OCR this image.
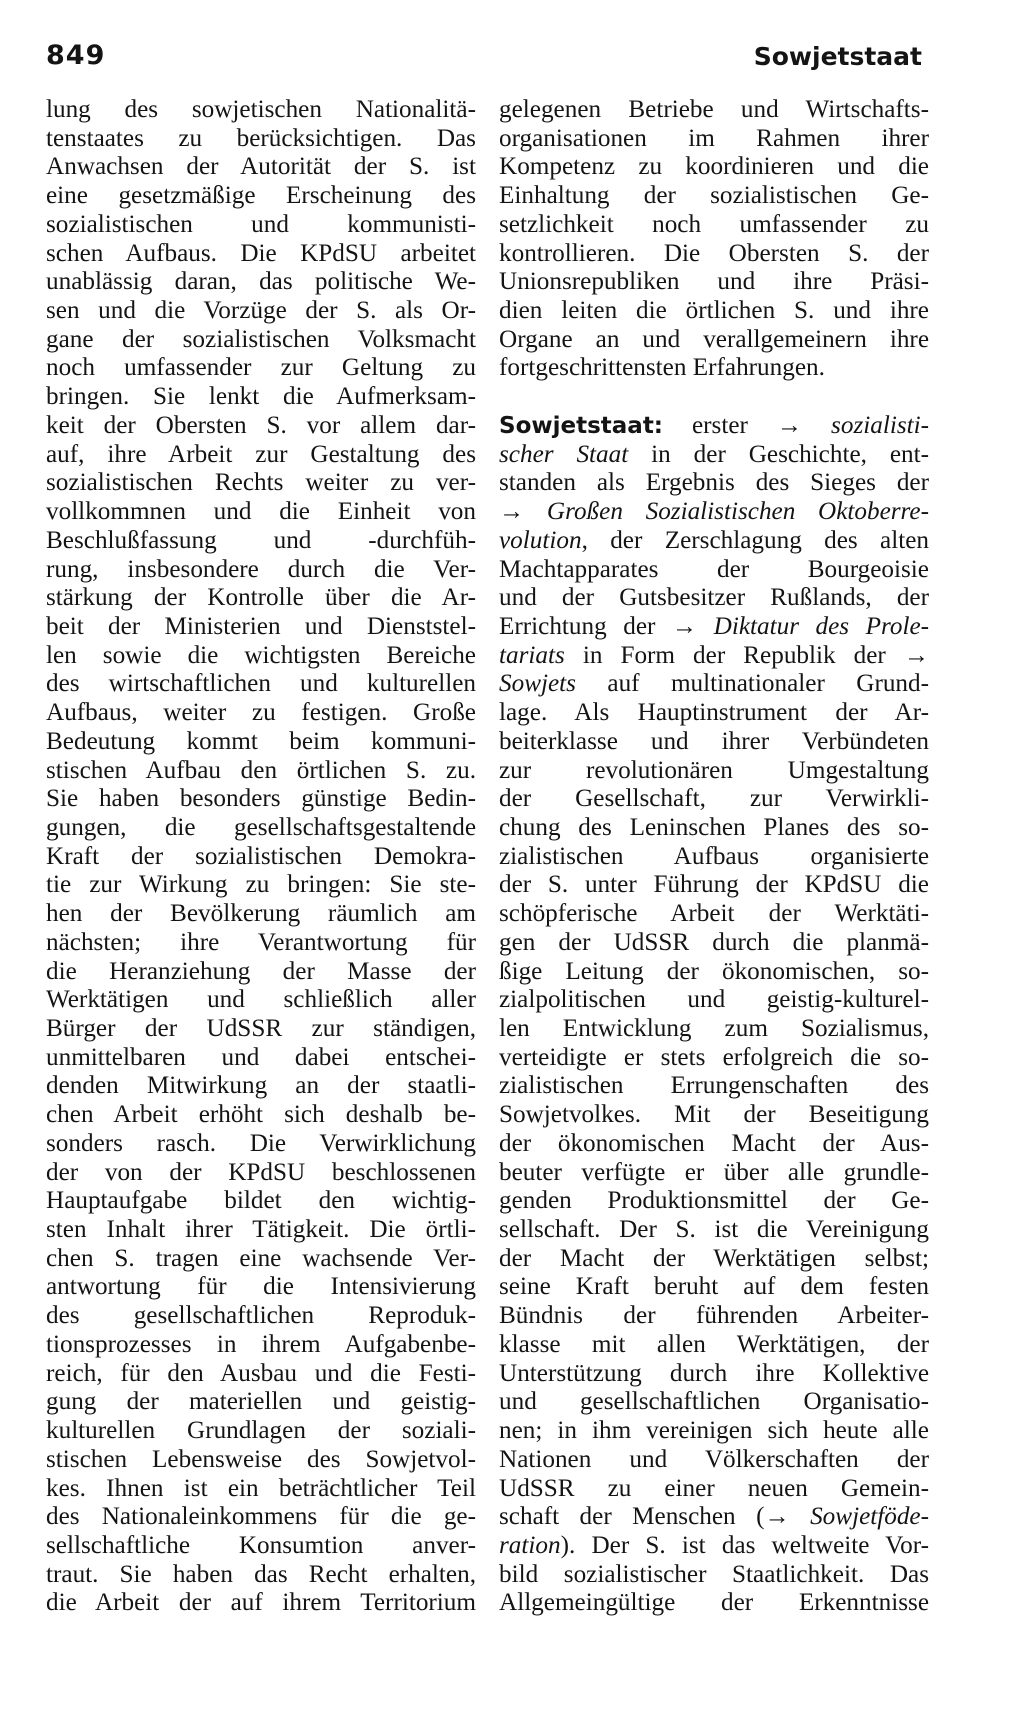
849	Sowjetstaat
lung des sowjetischen Nationalitä-
tenstaates zu berücksichtigen. Das
Anwachsen der Autorität der S. ist
eine gesetzmäßige Erscheinung des
sozialistischen und kommunisti-
schen Aufbaus. Die KPdSU arbeitet
unablässig daran, das politische We-
sen und die Vorzüge der S. als Or-
gane der sozialistischen Volksmacht
noch umfassender zur Geltung zu
bringen. Sie lenkt die Aufmerksam-
keit der Obersten S. vor allem dar-
auf, ihre Arbeit zur Gestaltung des
sozialistischen Rechts weiter zu ver-
vollkommnen und die Einheit von
Beschlußfassung und -durchfüh-
rung, insbesondere durch die Ver-
stärkung der Kontrolle über die Ar-
beit der Ministerien und Dienststel-
len sowie die wichtigsten Bereiche
des wirtschaftlichen und kulturellen
Aufbaus, weiter zu festigen. Große
Bedeutung kommt beim kommuni-
stischen Aufbau den örtlichen S. zu.
Sie haben besonders günstige Bedin-
gungen, die gesellschaftsgestaltende
Kraft der sozialistischen Demokra-
tie zur Wirkung zu bringen: Sie ste-
hen der Bevölkerung räumlich am
nächsten; ihre Verantwortung für
die Heranziehung der Masse der
Werktätigen und schließlich aller
Bürger der UdSSR zur ständigen,
unmittelbaren und dabei entschei-
denden Mitwirkung an der staatli-
chen Arbeit erhöht sich deshalb be-
sonders rasch. Die Verwirklichung
der von der KPdSU beschlossenen
Hauptaufgabe bildet den wichtig-
sten Inhalt ihrer Tätigkeit. Die örtli-
chen S. tragen eine wachsende Ver-
antwortung für die Intensivierung
des gesellschaftlichen Reproduk-
tionsprozesses in ihrem Aufgabenbe-
reich, für den Ausbau und die Festi-
gung der materiellen und geistig-
kulturellen Grundlagen der soziali-
stischen Lebensweise des Sowjetvol-
kes. Ihnen ist ein beträchtlicher Teil
des Nationaleinkommens für die ge-
sellschaftliche Konsumtion anver-
traut. Sie haben das Recht erhalten,
die Arbeit der auf ihrem Territorium
gelegenen Betriebe und Wirtschafts-
organisationen im Rahmen ihrer
Kompetenz zu koordinieren und die
Einhaltung der sozialistischen Ge-
setzlichkeit noch umfassender zu
kontrollieren. Die Obersten S. der
Unionsrepubliken und ihre Präsi-
dien leiten die örtlichen S. und ihre
Organe an und verallgemeinern ihre
fortgeschrittensten Erfahrungen.
Sowjetstaat: erster → sozialisti-
scher Staat in der Geschichte, ent-
standen als Ergebnis des Sieges der
→ Großen Sozialistischen Oktoberre-
volution, der Zerschlagung des alten
Machtapparates der Bourgeoisie
und der Gutsbesitzer Rußlands, der
Errichtung der → Diktatur des Prole-
tariats in Form der Republik der →
Sowjets auf multinationaler Grund-
lage. Als Hauptinstrument der Ar-
beiterklasse und ihrer Verbündeten
zur revolutionären Umgestaltung
der Gesellschaft, zur Verwirkli-
chung des Leninschen Planes des so-
zialistischen Aufbaus organisierte
der S. unter Führung der KPdSU die
schöpferische Arbeit der Werktäti-
gen der UdSSR durch die planmä-
ßige Leitung der ökonomischen, so-
zialpolitischen und geistig-kulturel-
len Entwicklung zum Sozialismus,
verteidigte er stets erfolgreich die so-
zialistischen Errungenschaften des
Sowjetvolkes. Mit der Beseitigung
der ökonomischen Macht der Aus-
beuter verfügte er über alle grundle-
genden Produktionsmittel der Ge-
sellschaft. Der S. ist die Vereinigung
der Macht der Werktätigen selbst;
seine Kraft beruht auf dem festen
Bündnis der führenden Arbeiter-
klasse mit allen Werktätigen, der
Unterstützung durch ihre Kollektive
und gesellschaftlichen Organisatio-
nen; in ihm vereinigen sich heute alle
Nationen und Völkerschaften der
UdSSR zu einer neuen Gemein-
schaft der Menschen (→ Sowjetföde-
ration). Der S. ist das weltweite Vor-
bild sozialistischer Staatlichkeit. Das
Allgemeingültige der Erkenntnisse
